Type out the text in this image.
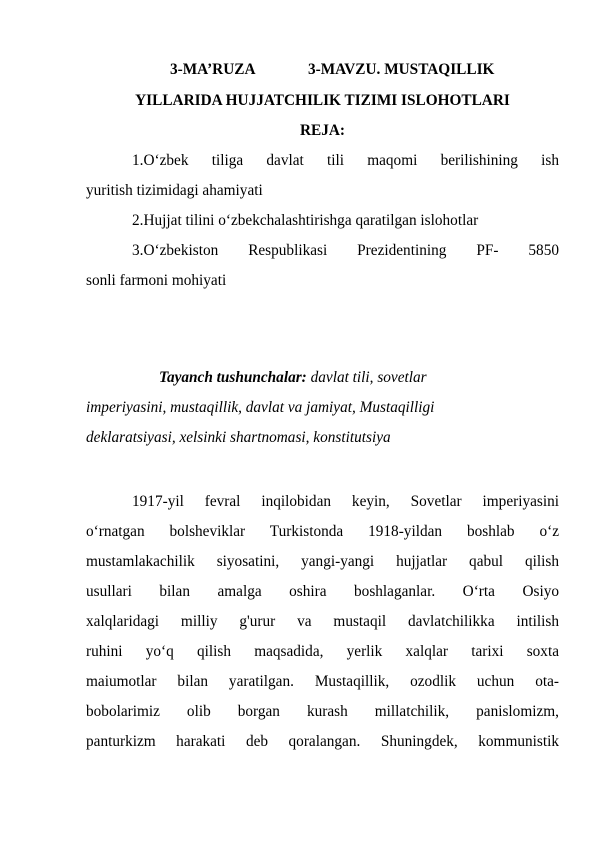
3-MA’RUZA	3-MAVZU. MUSTAQILLIK
YILLARIDA HUJJATCHILIK TIZIMI ISLOHOTLARI
REJA:
1.O‘zbek tiliga davlat tili maqomi berilishining ish
yuritish tizimidagi ahamiyati
2.Hujjat tilini o‘zbekchalashtirishga qaratilgan islohotlar
3.O‘zbekiston Respublikasi Prezidentining PF- 5850
sonli farmoni mohiyati
Tayanch tushunchalar: davlat tili, sovetlar
imperiyasini, mustaqillik, davlat va jamiyat, Mustaqilligi
deklaratsiyasi, xelsinki shartnomasi, konstitutsiya
1917-yil fevral inqilobidan keyin, Sovetlar imperiyasini
o‘rnatgan bolsheviklar Turkistonda 1918-yildan boshlab o‘z
mustamlakachilik siyosatini, yangi-yangi hujjatlar qabul qilish
usullari bilan amalga oshira boshlaganlar. O‘rta Osiyo
xalqlaridagi milliy g'urur va mustaqil davlatchilikka intilish
ruhini yo‘q qilish maqsadida, yerlik xalqlar tarixi soxta
maiumotlar bilan yaratilgan. Mustaqillik, ozodlik uchun ota-
bobolarimiz olib borgan kurash millatchilik, panislomizm,
panturkizm harakati deb qoralangan. Shuningdek, kommunistik
